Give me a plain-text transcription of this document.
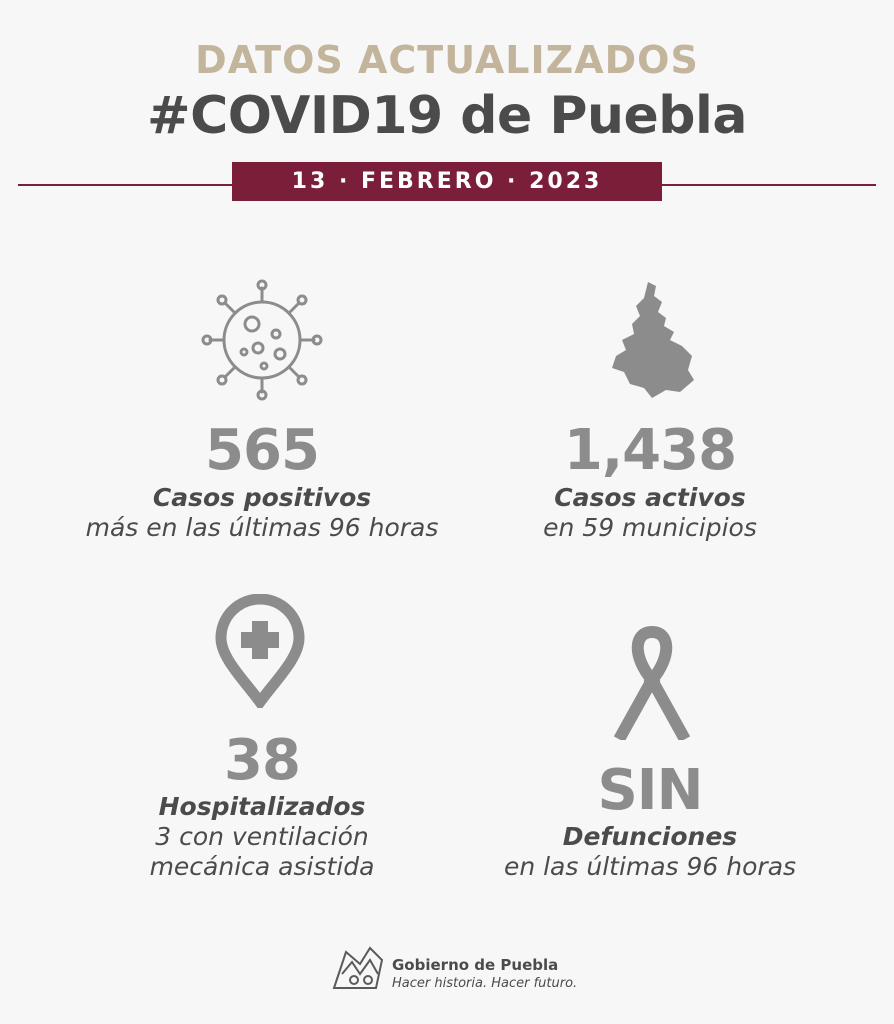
DATOS ACTUALIZADOS
#COVID19 de Puebla
13 · FEBRERO · 2023
565
Casos positivos
más en las últimas 96 horas
1,438
Casos activos
en 59 municipios
38
Hospitalizados
3 con ventilación
mecánica asistida
SIN
Defunciones
en las últimas 96 horas
Gobierno de Puebla
Hacer historia. Hacer futuro.
